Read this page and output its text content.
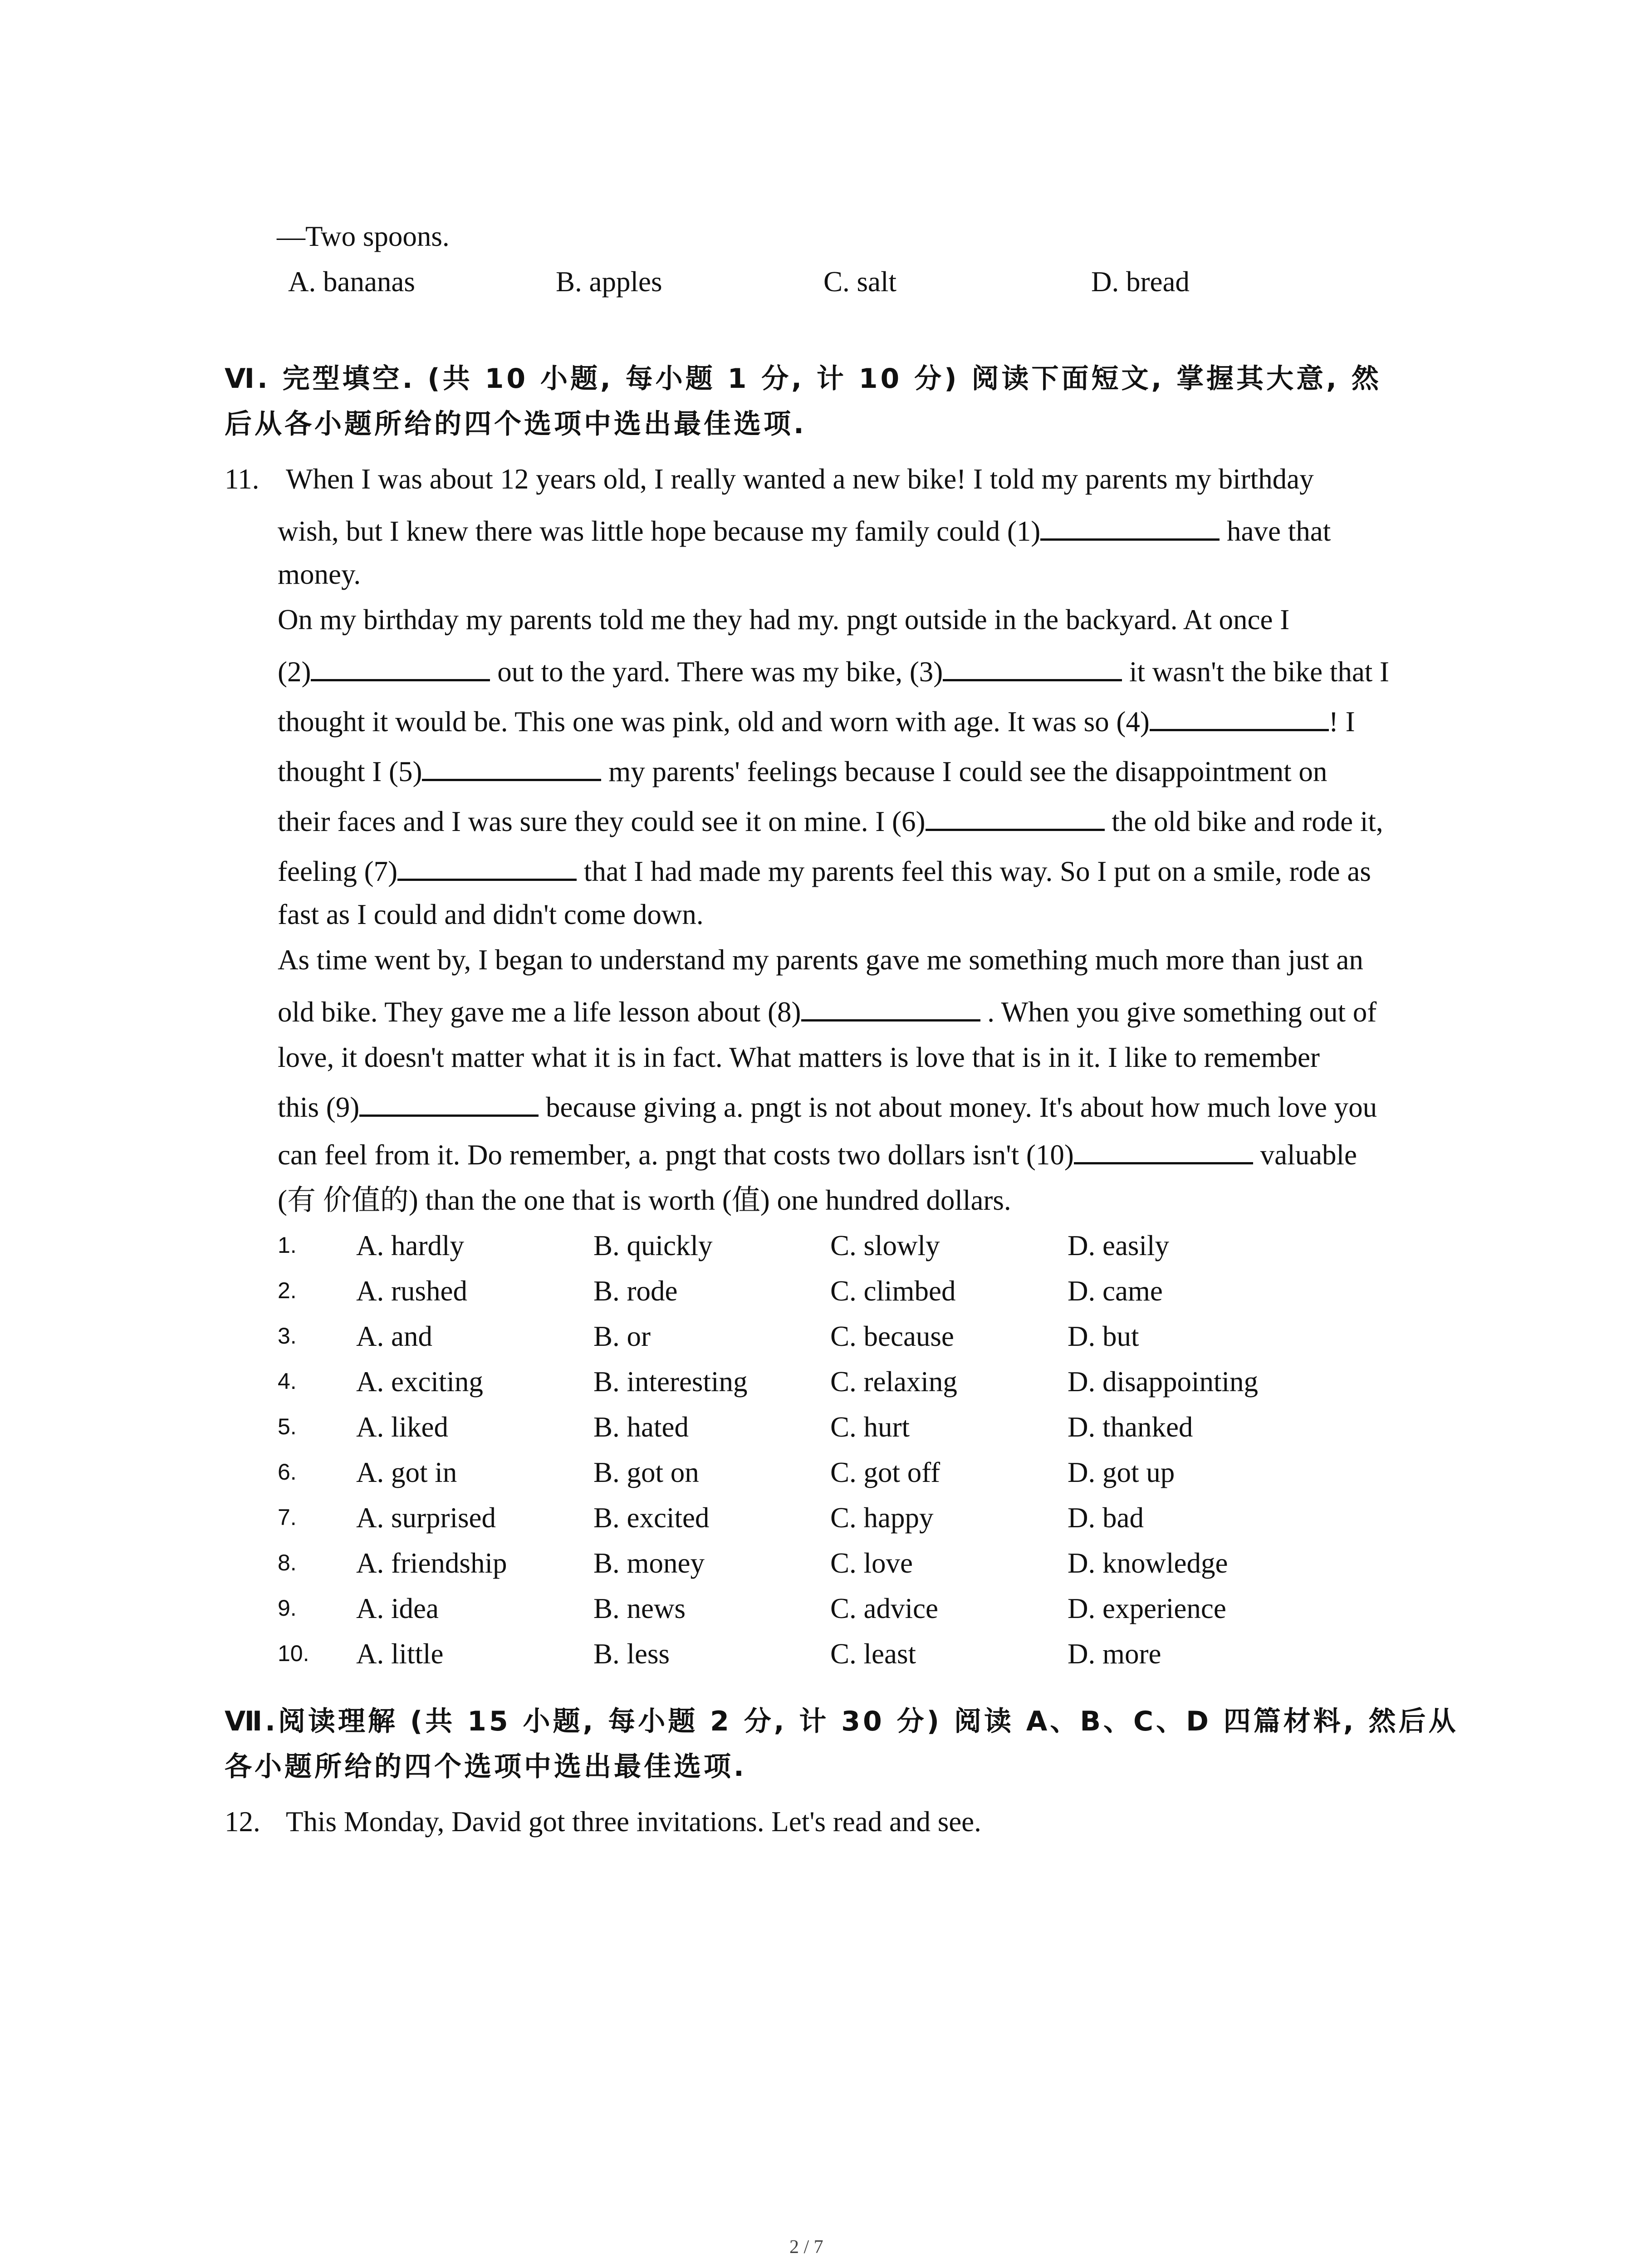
—Two spoons.
A. bananas	B. apples	C. salt	D. bread
Ⅵ. 完型填空. (共 10 小题, 每小题 1 分, 计 10 分) 阅读下面短文, 掌握其大意, 然
后从各小题所给的四个选项中选出最佳选项.
11. When I was about 12 years old, I really wanted a new bike! I told my parents my birthday
wish, but I knew there was little hope because my family could (1)	have that
money.
On my birthday my parents told me they had my. pngt outside in the backyard. At once I
(2)	out to the yard. There was my bike, (3)	it wasn't the bike that I
thought it would be. This one was pink, old and worn with age. It was so (4)	! I
thought I (5)	my parents' feelings because I could see the disappointment on
their faces and I was sure they could see it on mine. I (6)	the old bike and rode it,
feeling (7)	that I had made my parents feel this way. So I put on a smile, rode as
fast as I could and didn't come down.
As time went by, I began to understand my parents gave me something much more than just an
old bike. They gave me a life lesson about (8)	. When you give something out of
love, it doesn't matter what it is in fact. What matters is love that is in it. I like to remember
this (9)	because giving a. pngt is not about money. It's about how much love you
can feel from it. Do remember, a. pngt that costs two dollars isn't (10)	valuable
(有 价值的) than the one that is worth (值) one hundred dollars.
1. A. hardly	B. quickly	C. slowly	D. easily
2. A. rushed	B. rode	C. climbed	D. came
3. A. and	B. or	C. because	D. but
4. A. exciting	B. interesting	C. relaxing	D. disappointing
5. A. liked	B. hated	C. hurt	D. thanked
6. A. got in	B. got on	C. got off	D. got up
7. A. surprised	B. excited	C. happy	D. bad
8. A. friendship	B. money	C. love	D. knowledge
9. A. idea	B. news	C. advice	D. experience
10. A. little	B. less	C. least	D. more
Ⅶ.阅读理解 (共 15 小题, 每小题 2 分, 计 30 分) 阅读 A、B、C、D 四篇材料, 然后从
各小题所给的四个选项中选出最佳选项.
12. This Monday, David got three invitations. Let's read and see.
2 / 7
